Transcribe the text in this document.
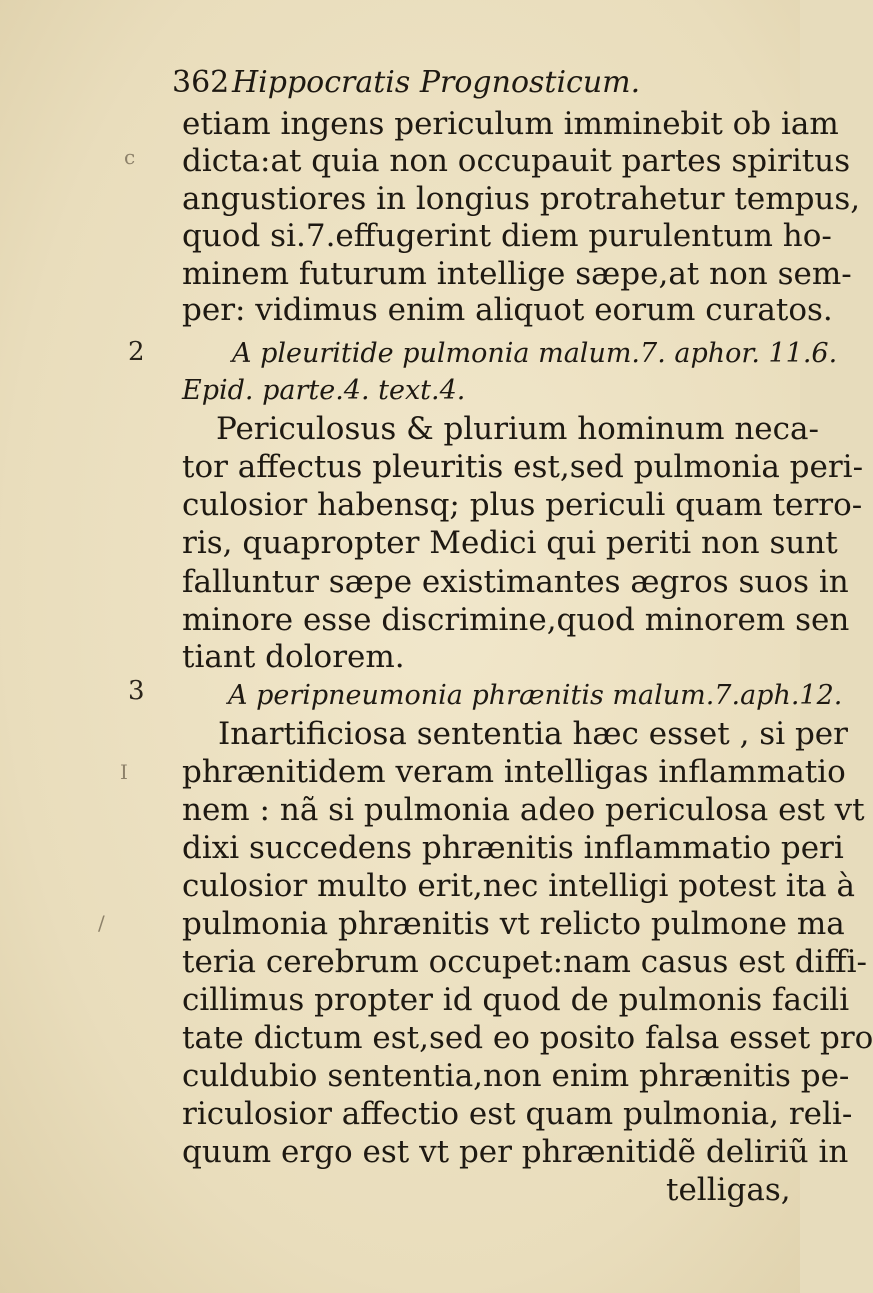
362Hippocratis Prognosticum.
c
2
3
I
/
etiam ingens periculum imminebit ob iam
dicta:at quia non occupauit partes spiritus
angustiores in longius protrahetur tempus,
quod si.7.effugerint diem purulentum ho-
minem futurum intellige sæpe,at non sem-
per: vidimus enim aliquot eorum curatos.
A pleuritide pulmonia malum.7. aphor. 11.6.
Epid. parte.4. text.4.
Periculosus & plurium hominum neca-
tor affectus pleuritis est,sed pulmonia peri-
culosior habensq; plus periculi quam terro-
ris, quapropter Medici qui periti non sunt
falluntur sæpe existimantes ægros suos in
minore esse discrimine,quod minorem sen
tiant dolorem.
A peripneumonia phrænitis malum.7.aph.12.
Inartificiosa sententia hæc esset , si per
phrænitidem veram intelligas inflammatio
nem : nã si pulmonia adeo periculosa est vt
dixi succedens phrænitis inflammatio peri
culosior multo erit,nec intelligi potest ita à
pulmonia phrænitis vt relicto pulmone ma
teria cerebrum occupet:nam casus est diffi-
cillimus propter id quod de pulmonis facili
tate dictum est,sed eo posito falsa esset pro
culdubio sententia,non enim phrænitis pe-
riculosior affectio est quam pulmonia, reli-
quum ergo est vt per phrænitidẽ deliriũ in
telligas,
